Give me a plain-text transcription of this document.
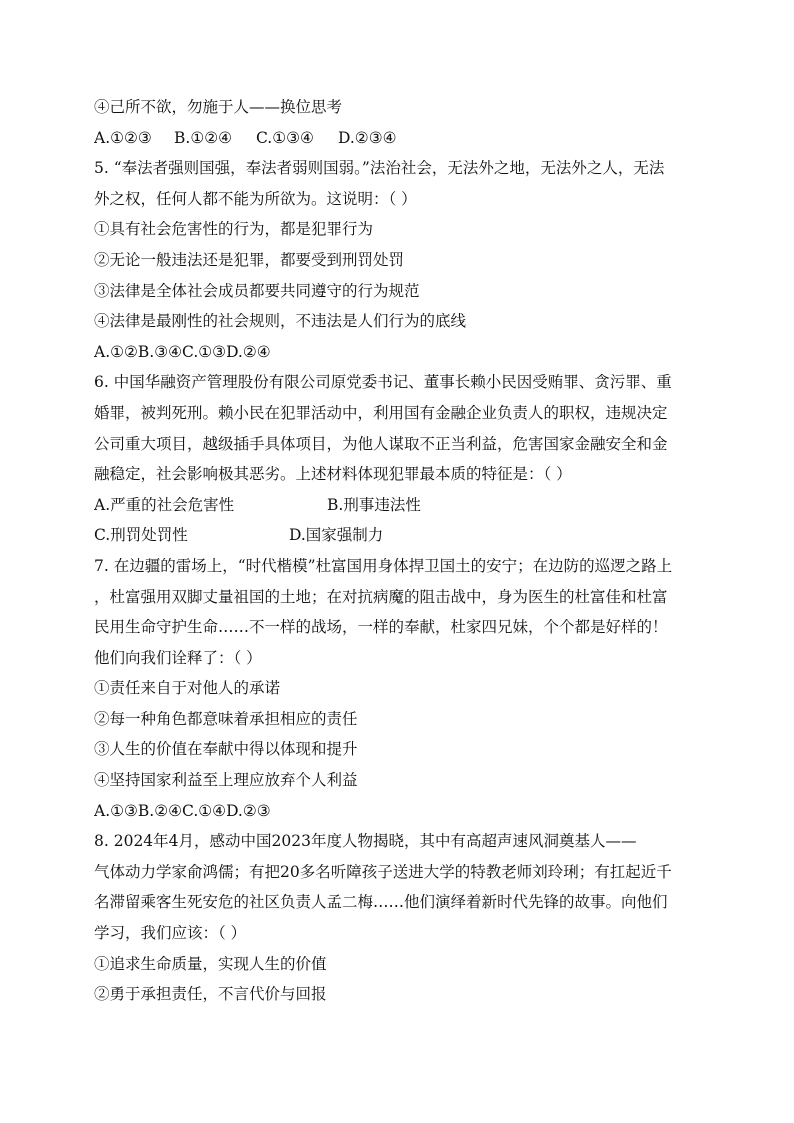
④己所不欲，勿施于人——换位思考
A.①②③ B.①②④ C.①③④ D.②③④
5. “奉法者强则国强，奉法者弱则国弱。”法治社会，无法外之地，无法外之人，无法
外之权，任何人都不能为所欲为。这说明：（ ）
①具有社会危害性的行为，都是犯罪行为
②无论一般违法还是犯罪，都要受到刑罚处罚
③法律是全体社会成员都要共同遵守的行为规范
④法律是最刚性的社会规则，不违法是人们行为的底线
A.①②B.③④C.①③D.②④
6. 中国华融资产管理股份有限公司原党委书记、董事长赖小民因受贿罪、贪污罪、重
婚罪，被判死刑。赖小民在犯罪活动中，利用国有金融企业负责人的职权，违规决定
公司重大项目，越级插手具体项目，为他人谋取不正当利益，危害国家金融安全和金
融稳定，社会影响极其恶劣。上述材料体现犯罪最本质的特征是：（ ）
A.严重的社会危害性	B.刑事违法性
C.刑罚处罚性	D.国家强制力
7. 在边疆的雷场上，“时代楷模”杜富国用身体捍卫国土的安宁；在边防的巡逻之路上
，杜富强用双脚丈量祖国的土地；在对抗病魔的阻击战中，身为医生的杜富佳和杜富
民用生命守护生命……不一样的战场，一样的奉献，杜家四兄妹，个个都是好样的！
他们向我们诠释了：（ ）
①责任来自于对他人的承诺
②每一种角色都意味着承担相应的责任
③人生的价值在奉献中得以体现和提升
④坚持国家利益至上理应放弃个人利益
A.①③B.②④C.①④D.②③
8. 2024年4月，感动中国2023年度人物揭晓，其中有高超声速风洞奠基人——
气体动力学家俞鸿儒；有把20多名听障孩子送进大学的特教老师刘玲琍；有扛起近千
名滞留乘客生死安危的社区负责人孟二梅……他们演绎着新时代先锋的故事。向他们
学习，我们应该：（ ）
①追求生命质量，实现人生的价值
②勇于承担责任，不言代价与回报
